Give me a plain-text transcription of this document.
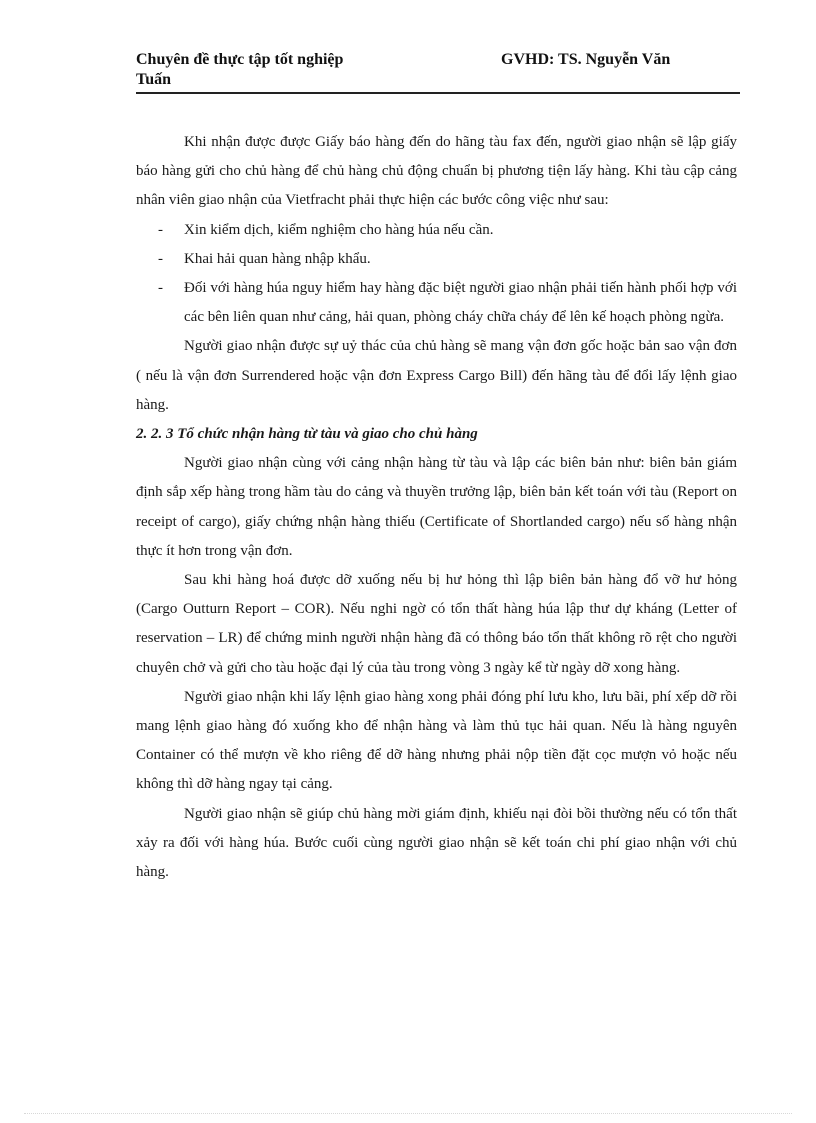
Chuyên đề thực tập tốt nghiệp	GVHD: TS. Nguyễn Văn
Tuấn

Khi nhận được được Giấy báo hàng đến do hãng tàu fax đến, người giao nhận sẽ lập giấy báo hàng gửi cho chủ hàng để chủ hàng chủ động chuẩn bị phương tiện lấy hàng. Khi tàu cập cảng nhân viên giao nhận của Vietfracht phải thực hiện các bước công việc như sau:

- Xin kiểm dịch, kiểm nghiệm cho hàng húa nếu cần.
- Khai hải quan hàng nhập khẩu.
- Đối với hàng húa nguy hiểm hay hàng đặc biệt người giao nhận phải tiến hành phối hợp với các bên liên quan như cảng, hải quan, phòng cháy chữa cháy để lên kế hoạch phòng ngừa.

Người giao nhận được sự uỷ thác của chủ hàng sẽ mang vận đơn gốc hoặc bản sao vận đơn ( nếu là vận đơn Surrendered hoặc vận đơn Express Cargo Bill) đến hãng tàu để đổi lấy lệnh giao hàng.

2. 2. 3 Tổ chức nhận hàng từ tàu và giao cho chủ hàng

Người giao nhận cùng với cảng nhận hàng từ tàu và lập các biên bản như: biên bản giám định sắp xếp hàng trong hầm tàu do cảng và thuyền trưởng lập, biên bản kết toán với tàu (Report on receipt of cargo), giấy chứng nhận hàng thiếu (Certificate of Shortlanded cargo) nếu số hàng nhận thực ít hơn trong vận đơn.

Sau khi hàng hoá được dỡ xuống nếu bị hư hỏng thì lập biên bản hàng đổ vỡ hư hỏng (Cargo Outturn Report – COR). Nếu nghi ngờ có tổn thất hàng húa lập thư dự kháng (Letter of reservation – LR) để chứng minh người nhận hàng đã có thông báo tổn thất không rõ rệt cho người chuyên chở và gửi cho tàu hoặc đại lý của tàu trong vòng 3 ngày kể từ ngày dỡ xong hàng.

Người giao nhận khi lấy lệnh giao hàng xong phải đóng phí lưu kho, lưu bãi, phí xếp dỡ rồi mang lệnh giao hàng đó xuống kho để nhận hàng và làm thủ tục hải quan. Nếu là hàng nguyên Container có thể mượn về kho riêng để dỡ hàng nhưng phải nộp tiền đặt cọc mượn vỏ hoặc nếu không thì dỡ hàng ngay tại cảng.

Người giao nhận sẽ giúp chủ hàng mời giám định, khiếu nại đòi bồi thường nếu có tổn thất xảy ra đối với hàng húa. Bước cuối cùng người giao nhận sẽ kết toán chi phí giao nhận với chủ hàng.
